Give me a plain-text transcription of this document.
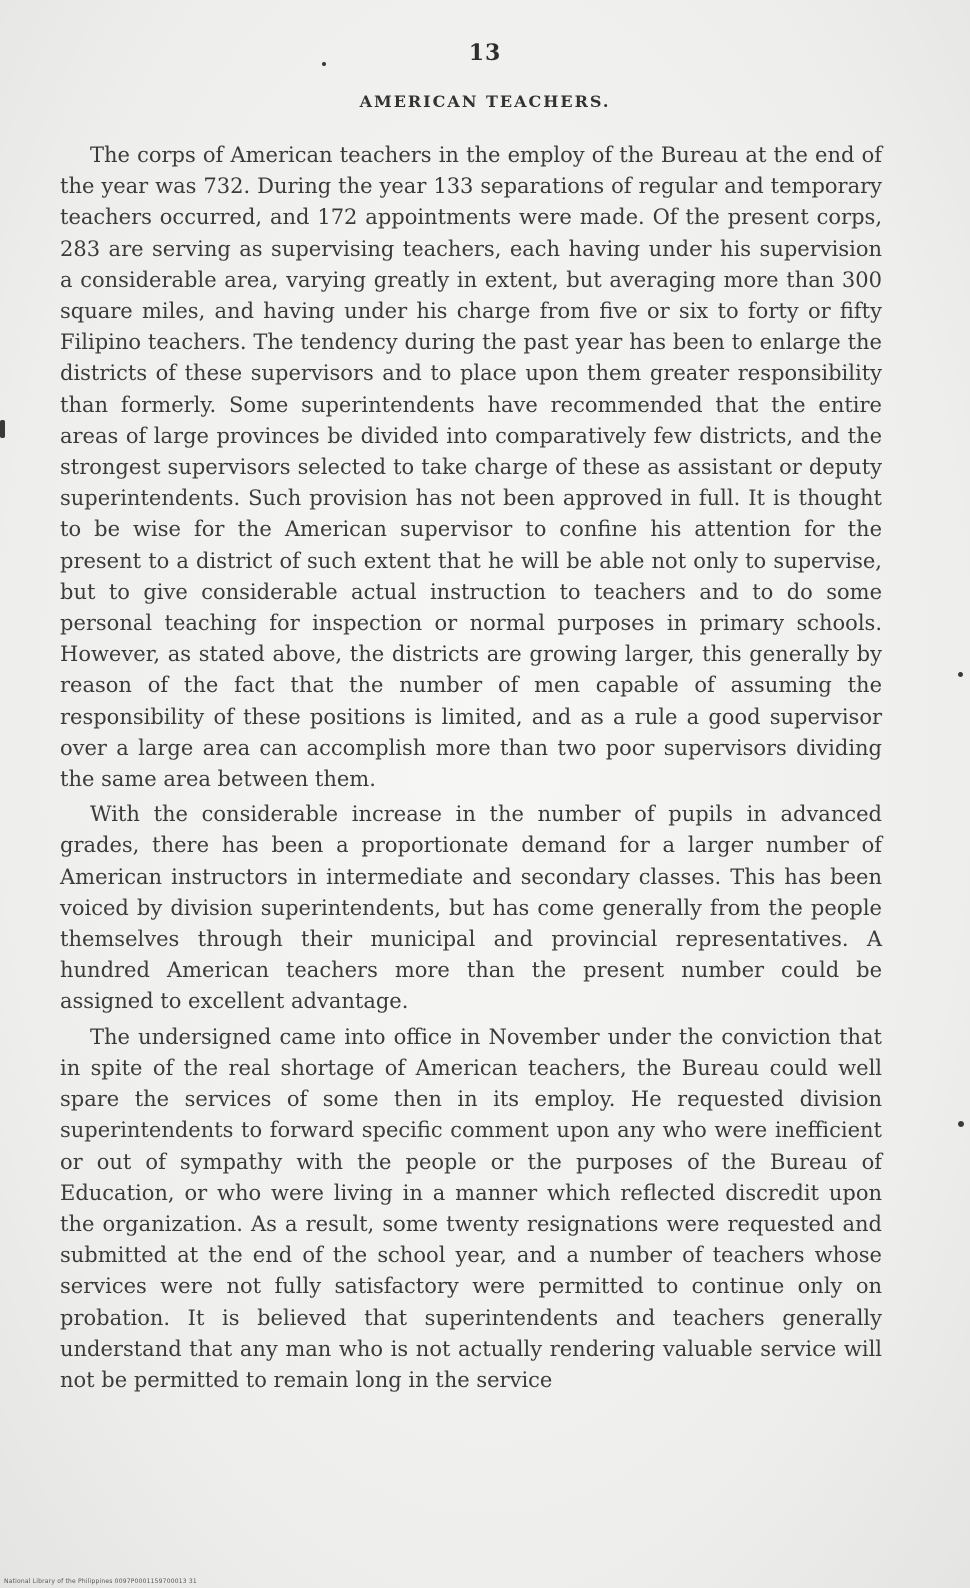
13
AMERICAN TEACHERS.

The corps of American teachers in the employ of the Bureau at the end of the year was 732. During the year 133 separations of regular and temporary teachers occurred, and 172 appointments were made. Of the present corps, 283 are serving as supervising teachers, each having under his supervision a considerable area, varying greatly in extent, but averaging more than 300 square miles, and having under his charge from five or six to forty or fifty Filipino teachers. The tendency during the past year has been to enlarge the districts of these supervisors and to place upon them greater responsibility than formerly. Some superintendents have recommended that the entire areas of large provinces be divided into comparatively few districts, and the strongest supervisors selected to take charge of these as assistant or deputy superintendents. Such provision has not been approved in full. It is thought to be wise for the American supervisor to confine his attention for the present to a district of such extent that he will be able not only to supervise, but to give considerable actual instruction to teachers and to do some personal teaching for inspection or normal purposes in primary schools. However, as stated above, the districts are growing larger, this generally by reason of the fact that the number of men capable of assuming the responsibility of these positions is limited, and as a rule a good supervisor over a large area can accomplish more than two poor supervisors dividing the same area between them.

With the considerable increase in the number of pupils in advanced grades, there has been a proportionate demand for a larger number of American instructors in intermediate and secondary classes. This has been voiced by division superintendents, but has come generally from the people themselves through their municipal and provincial representatives. A hundred American teachers more than the present number could be assigned to excellent advantage.

The undersigned came into office in November under the conviction that in spite of the real shortage of American teachers, the Bureau could well spare the services of some then in its employ. He requested division superintendents to forward specific comment upon any who were inefficient or out of sympathy with the people or the purposes of the Bureau of Education, or who were living in a manner which reflected discredit upon the organization. As a result, some twenty resignations were requested and submitted at the end of the school year, and a number of teachers whose services were not fully satisfactory were permitted to continue only on probation. It is believed that superintendents and teachers generally understand that any man who is not actually rendering valuable service will not be permitted to remain long in the service

National Library of the Philippines 0097P0001159700013 31
